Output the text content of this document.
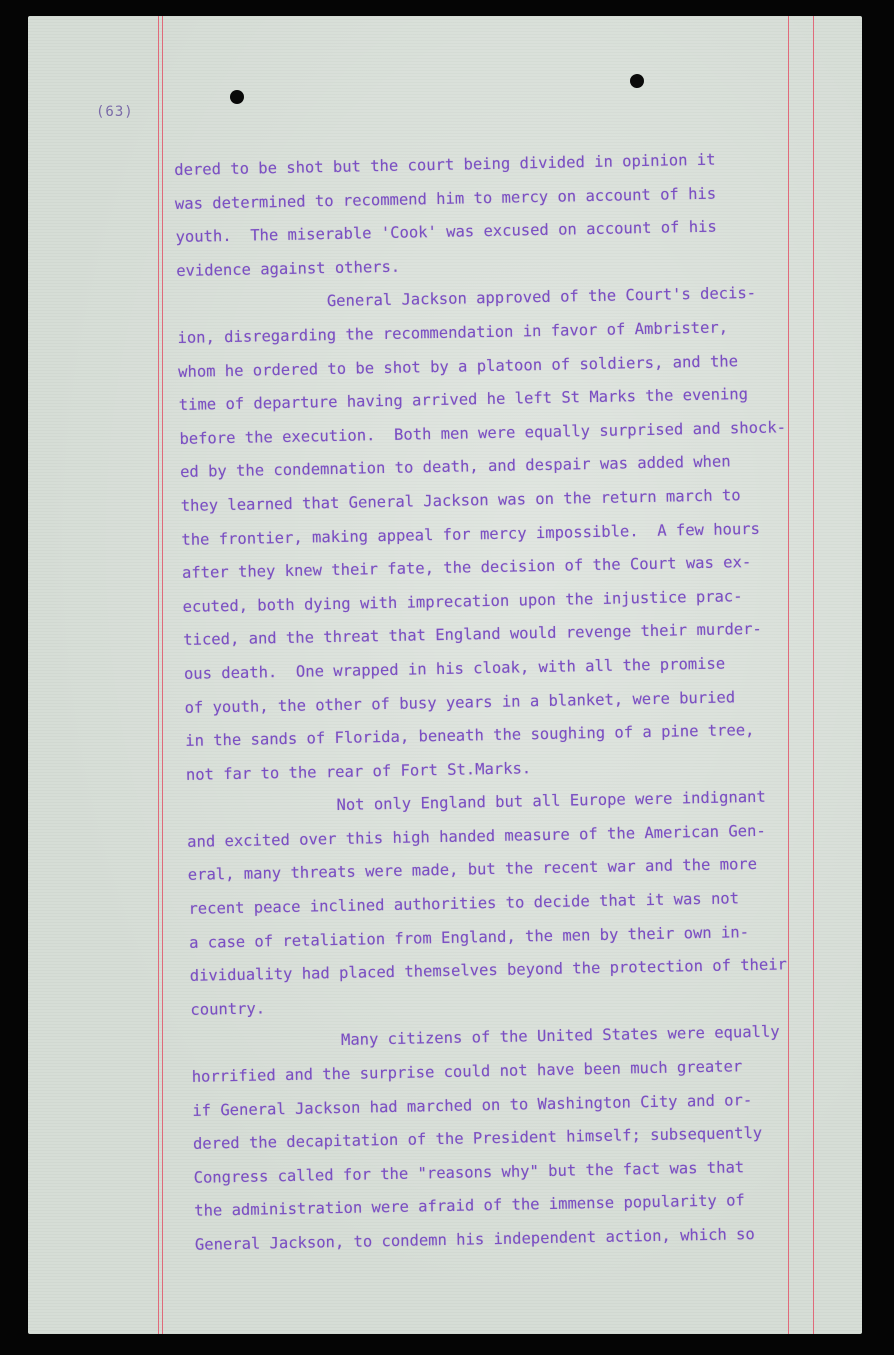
(63)
dered to be shot but the court being divided in opinion it
was determined to recommend him to mercy on account of his
youth.  The miserable 'Cook' was excused on account of his
evidence against others.
General Jackson approved of the Court's decis-
ion, disregarding the recommendation in favor of Ambrister,
whom he ordered to be shot by a platoon of soldiers, and the
time of departure having arrived he left St Marks the evening
before the execution.  Both men were equally surprised and shock-
ed by the condemnation to death, and despair was added when
they learned that General Jackson was on the return march to
the frontier, making appeal for mercy impossible.  A few hours
after they knew their fate, the decision of the Court was ex-
ecuted, both dying with imprecation upon the injustice prac-
ticed, and the threat that England would revenge their murder-
ous death.  One wrapped in his cloak, with all the promise
of youth, the other of busy years in a blanket, were buried
in the sands of Florida, beneath the soughing of a pine tree,
not far to the rear of Fort St.Marks.
Not only England but all Europe were indignant
and excited over this high handed measure of the American Gen-
eral, many threats were made, but the recent war and the more
recent peace inclined authorities to decide that it was not
a case of retaliation from England, the men by their own in-
dividuality had placed themselves beyond the protection of their
country.
Many citizens of the United States were equally
horrified and the surprise could not have been much greater
if General Jackson had marched on to Washington City and or-
dered the decapitation of the President himself; subsequently
Congress called for the "reasons why" but the fact was that
the administration were afraid of the immense popularity of
General Jackson, to condemn his independent action, which so
